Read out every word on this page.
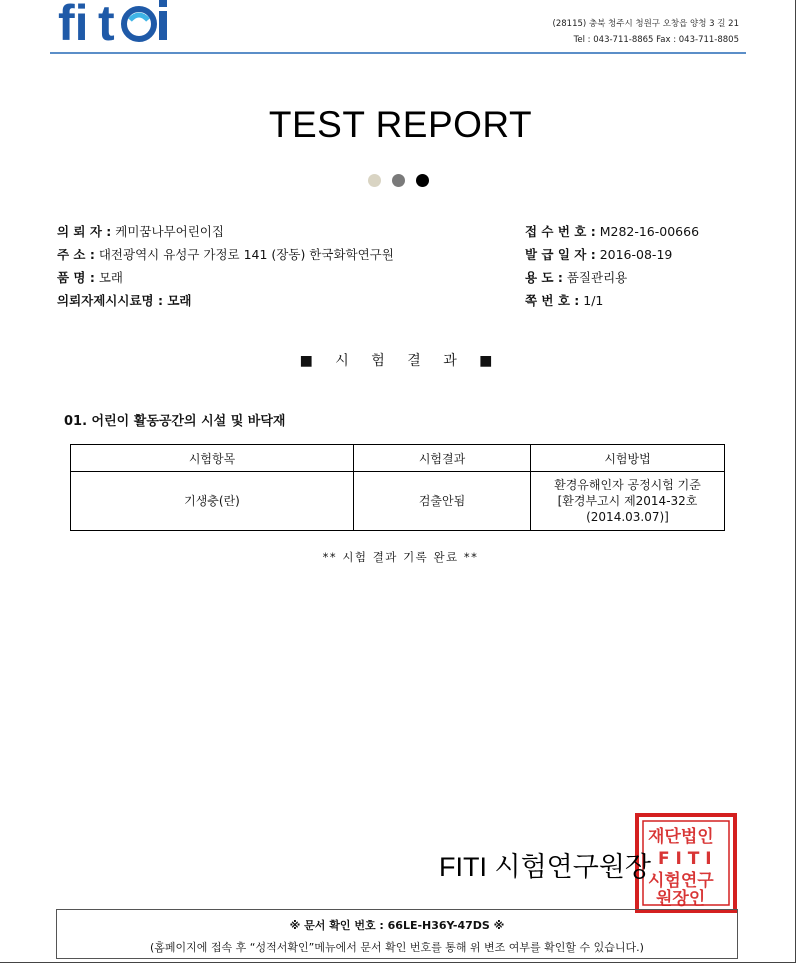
fi t	(28115) 충북 청주시 청원구 오창읍 양청 3 길 21
Tel : 043-711-8865 Fax : 043-711-8805
TEST REPORT
의 뢰 자 : 케미꿈나무어린이집
주 소 : 대전광역시 유성구 가정로 141 (장동) 한국화학연구원
품 명 : 모래
의뢰자제시시료명 : 모래
접 수 번 호 : M282-16-00666
발 급 일 자 : 2016-08-19
용 도 : 품질관리용
쪽 번 호 : 1/1
■ 시 험 결 과 ■
01. 어린이 활동공간의 시설 및 바닥재
시험항목	시험결과	시험방법
기생충(란)	검출안됨	환경유해인자 공정시험 기준
[환경부고시 제2014-32호
(2014.03.07)]
** 시험 결과 기록 완료 **
재단법인
F I T I
시험연구
원장인
FITI 시험연구원장
※ 문서 확인 번호 : 66LE-H36Y-47DS ※
(홈페이지에 접속 후 “성적서확인”메뉴에서 문서 확인 번호를 통해 위 변조 여부를 확인할 수 있습니다.)
